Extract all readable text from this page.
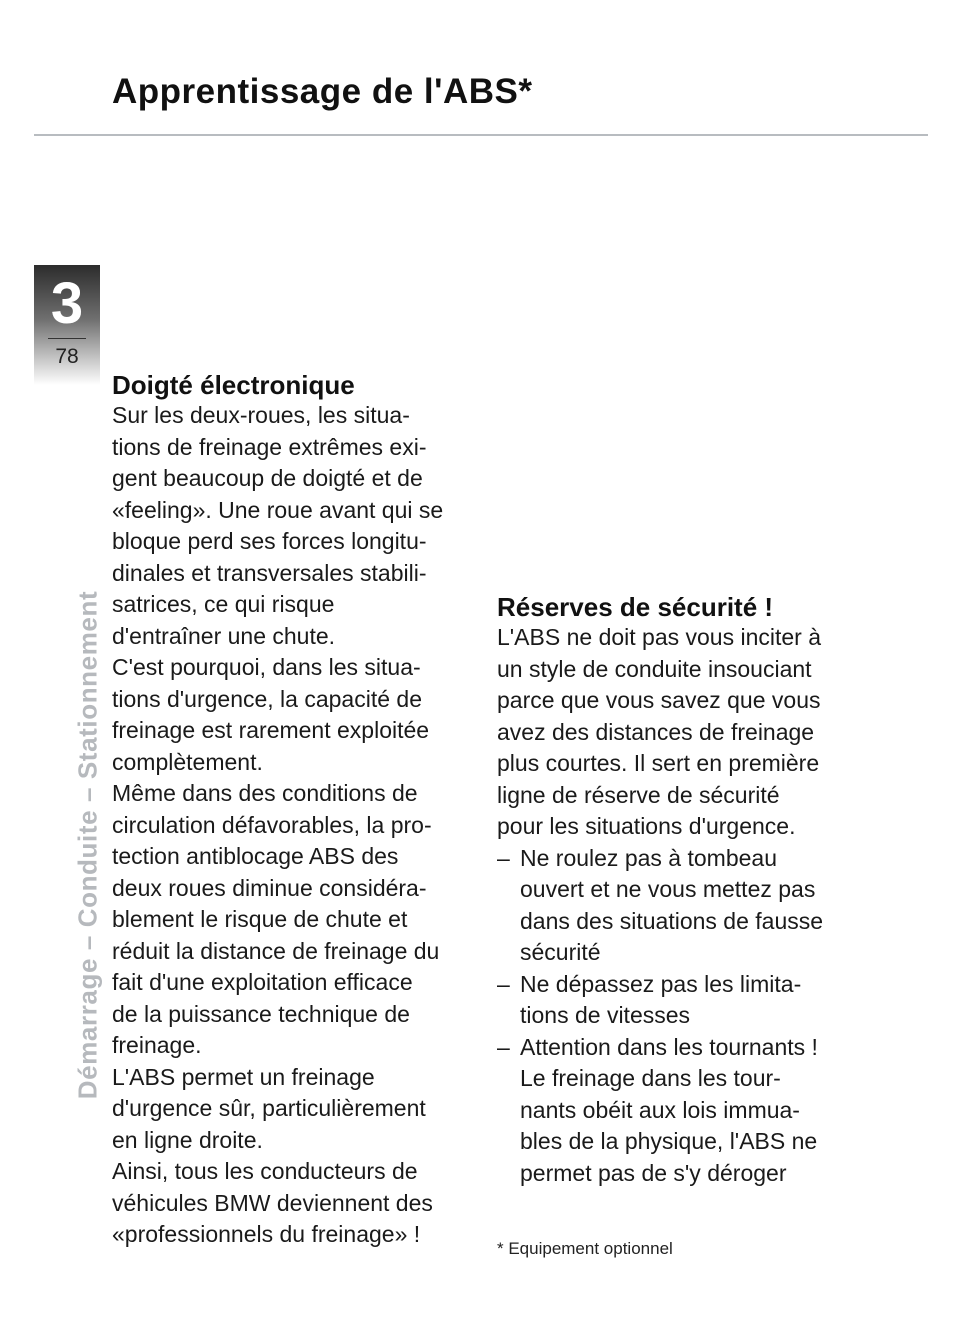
Apprentissage de l'ABS*
3
78
Démarrage – Conduite – Stationnement
Doigté électronique

Sur les deux-roues, les situa-
tions de freinage extrêmes exi-
gent beaucoup de doigté et de
«feeling». Une roue avant qui se
bloque perd ses forces longitu-
dinales et transversales stabili-
satrices, ce qui risque
d'entraîner une chute.

C'est pourquoi, dans les situa-
tions d'urgence, la capacité de
freinage est rarement exploitée
complètement.

Même dans des conditions de
circulation défavorables, la pro-
tection antiblocage ABS des
deux roues diminue considéra-
blement le risque de chute et
réduit la distance de freinage du
fait d'une exploitation efficace
de la puissance technique de
freinage.

L'ABS permet un freinage
d'urgence sûr, particulièrement
en ligne droite.

Ainsi, tous les conducteurs de
véhicules BMW deviennent des
«professionnels du freinage» !

Réserves de sécurité !

L'ABS ne doit pas vous inciter à
un style de conduite insouciant
parce que vous savez que vous
avez des distances de freinage
plus courtes. Il sert en première
ligne de réserve de sécurité
pour les situations d'urgence.

– Ne roulez pas à tombeau
ouvert et ne vous mettez pas
dans des situations de fausse
sécurité
– Ne dépassez pas les limita-
tions de vitesses
– Attention dans les tournants !
Le freinage dans les tour-
nants obéit aux lois immua-
bles de la physique, l'ABS ne
permet pas de s'y déroger
* Equipement optionnel
